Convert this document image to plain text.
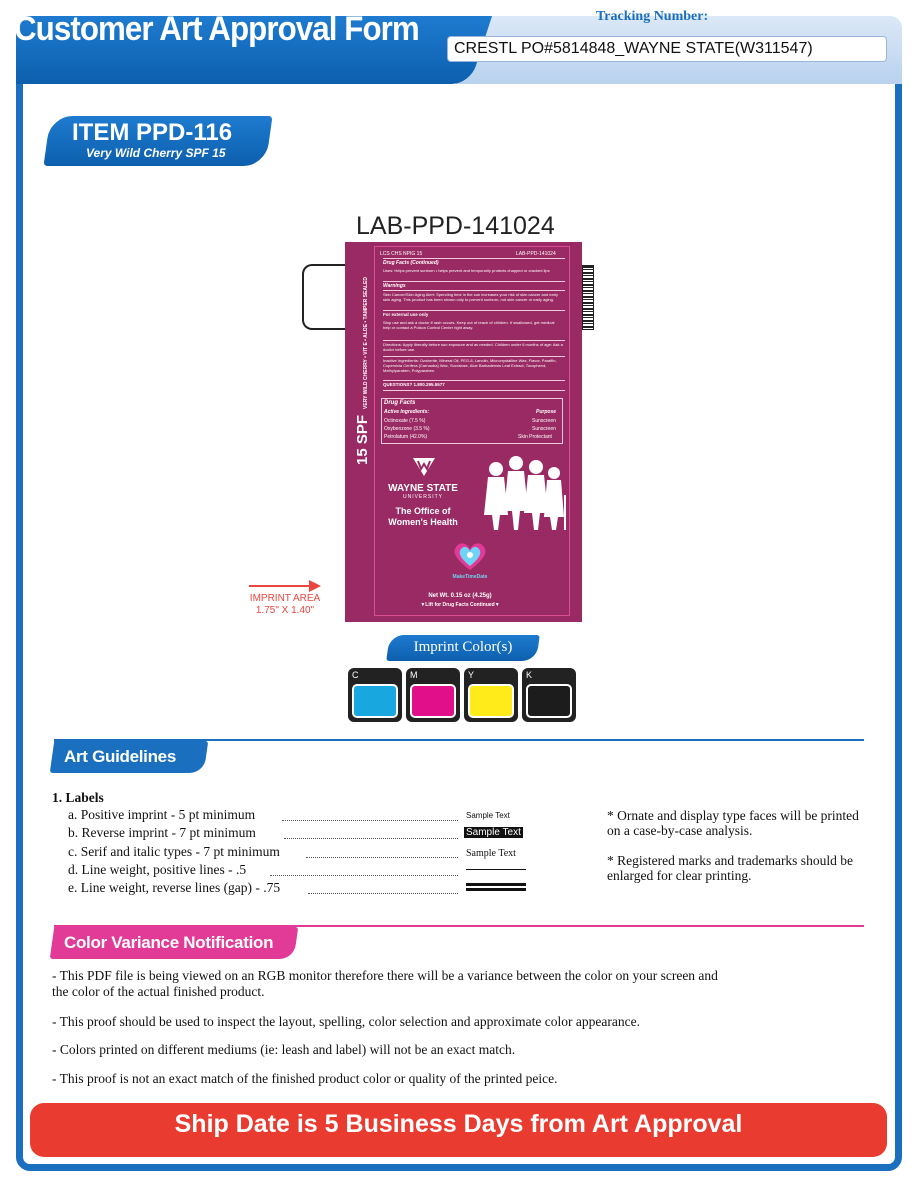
Customer Art Approval Form	Tracking Number:
CRESTL PO#5814848_WAYNE STATE(W311547)
ITEM PPD-116
Very Wild Cherry SPF 15
LAB-PPD-141024
15 SPFVERY WILD CHERRY • VIT E • ALOE • TAMPER SEALED
LCS CHS NPIG 15	LAB-PPD-141024
Drug Facts (Continued)
Uses: Helps prevent sunburn • helps prevent and temporarily protects chapped or cracked lips
Warnings
Skin Cancer/Skin Aging Alert: Spending time in the sun increases your risk of skin cancer and early skin aging. This product has been shown only to prevent sunburn, not skin cancer or early aging.
For external use only
Stop use and ask a doctor if rash occurs. Keep out of reach of children. If swallowed, get medical help or contact a Poison Control Center right away.
Directions: Apply liberally before sun exposure and as needed. Children under 6 months of age: Ask a doctor before use.
Inactive Ingredients: Ozokerite, Mineral Oil, PEG-8, Lanolin, Microcrystalline Wax, Flavor, Paraffin, Copernicia Cerifera (Carnauba) Wax, Sucralose, Aloe Barbadensis Leaf Extract, Tocopherol, Methylparaben, Polyparaben.
QUESTIONS? 1.800.295.5577
Drug Facts
Active Ingredients:	Purpose
Octinoxate (7.5 %)	Sunscreen
Oxybenzone (3.5 %)	Sunscreen
Petrolatum (42.0%)	Skin Protectant
WAYNE STATE
UNIVERSITY
The Office of
Women's Health
MakeTimeDate
Net Wt. 0.15 oz (4.25g)
▼Lift for Drug Facts Continued▼
IMPRINT AREA
1.75" X 1.40"
Imprint Color(s)
C	M	Y	K
Art Guidelines
1. Labels
a. Positive imprint - 5 pt minimum	Sample Text
b. Reverse imprint - 7 pt minimum	Sample Text
c. Serif and italic types - 7 pt minimum	Sample Text
d. Line weight, positive lines - .5
e. Line weight, reverse lines (gap) - .75
* Ornate and display type faces will be printed on a case-by-case analysis.
* Registered marks and trademarks should be enlarged for clear printing.
Color Variance Notification
- This PDF file is being viewed on an RGB monitor therefore there will be a variance between the color on your screen and the color of the actual finished product.
- This proof should be used to inspect the layout, spelling, color selection and approximate color appearance.
- Colors printed on different mediums (ie: leash and label) will not be an exact match.
- This proof is not an exact match of the finished product color or quality of the printed peice.
Ship Date is 5 Business Days from Art Approval
